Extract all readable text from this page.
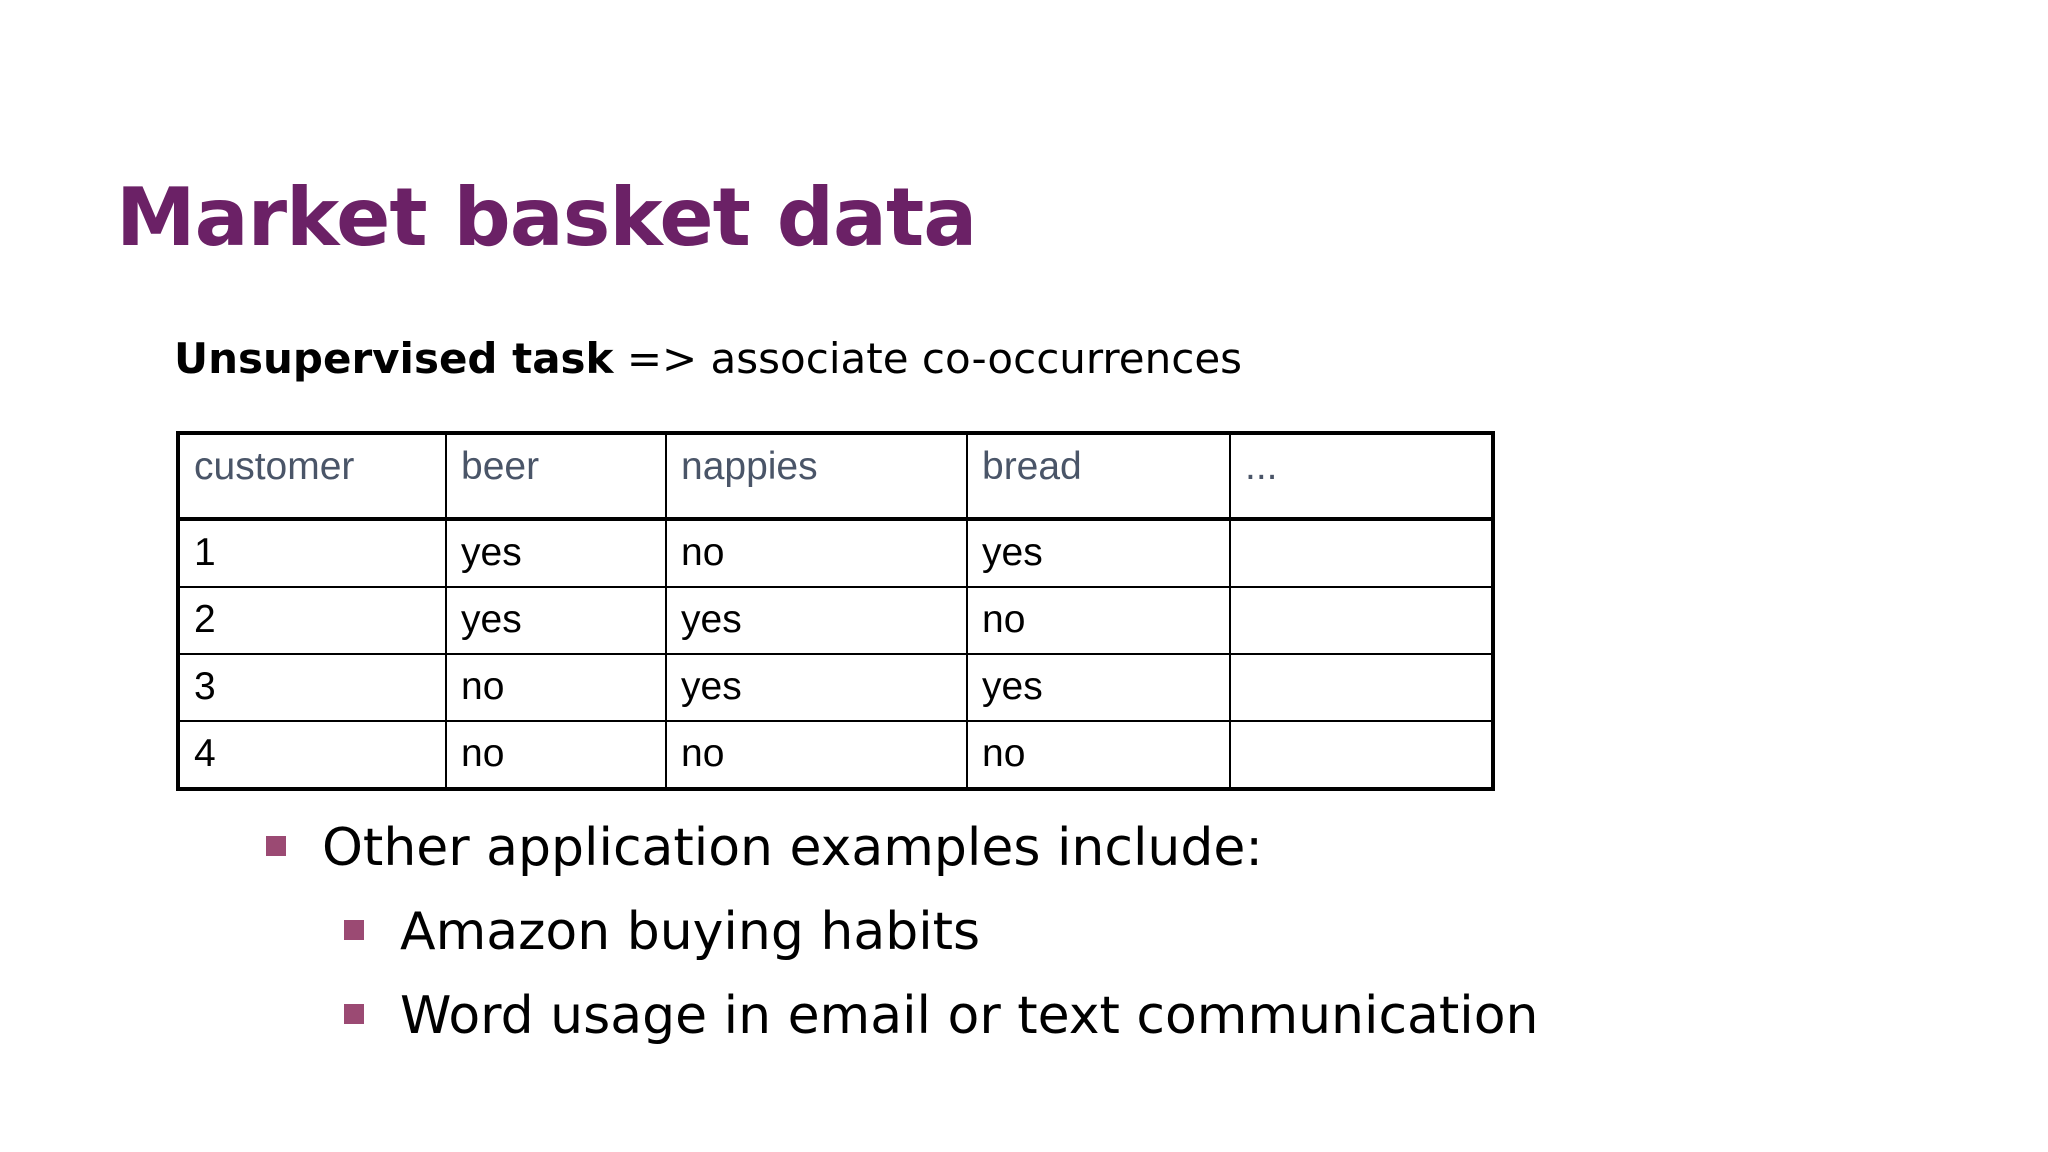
Market basket data
Unsupervised task => associate co-occurrences
customer	beer	nappies	bread	...
1	yes	no	yes	
2	yes	yes	no	
3	no	yes	yes	
4	no	no	no	
Other application examples include:
Amazon buying habits
Word usage in email or text communication
